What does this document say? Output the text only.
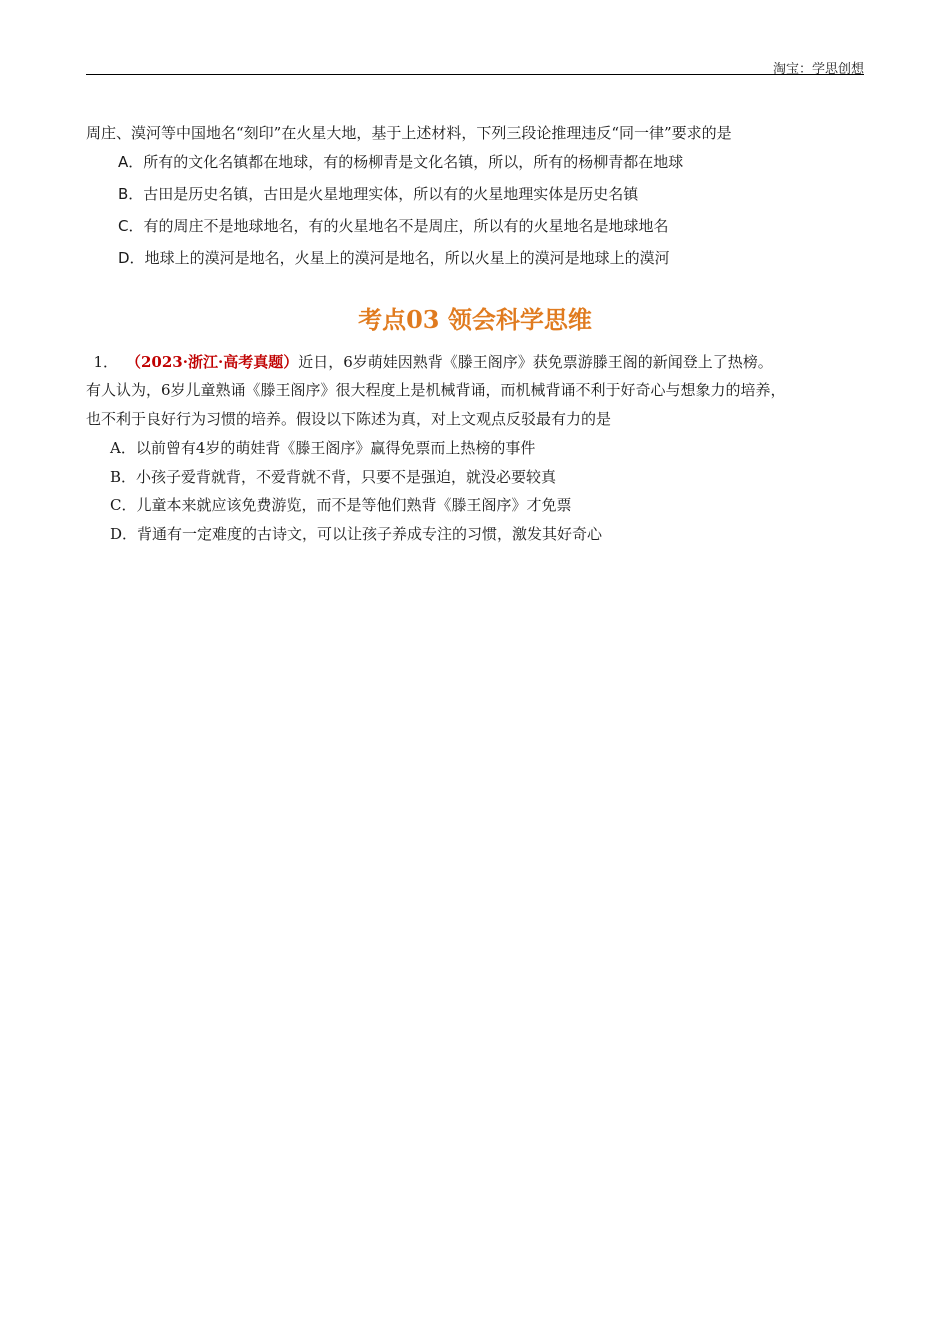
淘宝：学思创想
周庄、漠河等中国地名“刻印”在火星大地，基于上述材料，下列三段论推理违反“同一律”要求的是
A．所有的文化名镇都在地球，有的杨柳青是文化名镇，所以，所有的杨柳青都在地球
B．古田是历史名镇，古田是火星地理实体，所以有的火星地理实体是历史名镇
C．有的周庄不是地球地名，有的火星地名不是周庄，所以有的火星地名是地球地名
D．地球上的漠河是地名，火星上的漠河是地名，所以火星上的漠河是地球上的漠河
考点03 领会科学思维
1． （2023·浙江·高考真题）近日，6岁萌娃因熟背《滕王阁序》获免票游滕王阁的新闻登上了热榜。
有人认为，6岁儿童熟诵《滕王阁序》很大程度上是机械背诵，而机械背诵不利于好奇心与想象力的培养，
也不利于良好行为习惯的培养。假设以下陈述为真，对上文观点反驳最有力的是
A．以前曾有4岁的萌娃背《滕王阁序》赢得免票而上热榜的事件
B．小孩子爱背就背，不爱背就不背，只要不是强迫，就没必要较真
C．儿童本来就应该免费游览，而不是等他们熟背《滕王阁序》才免票
D．背通有一定难度的古诗文，可以让孩子养成专注的习惯，激发其好奇心
